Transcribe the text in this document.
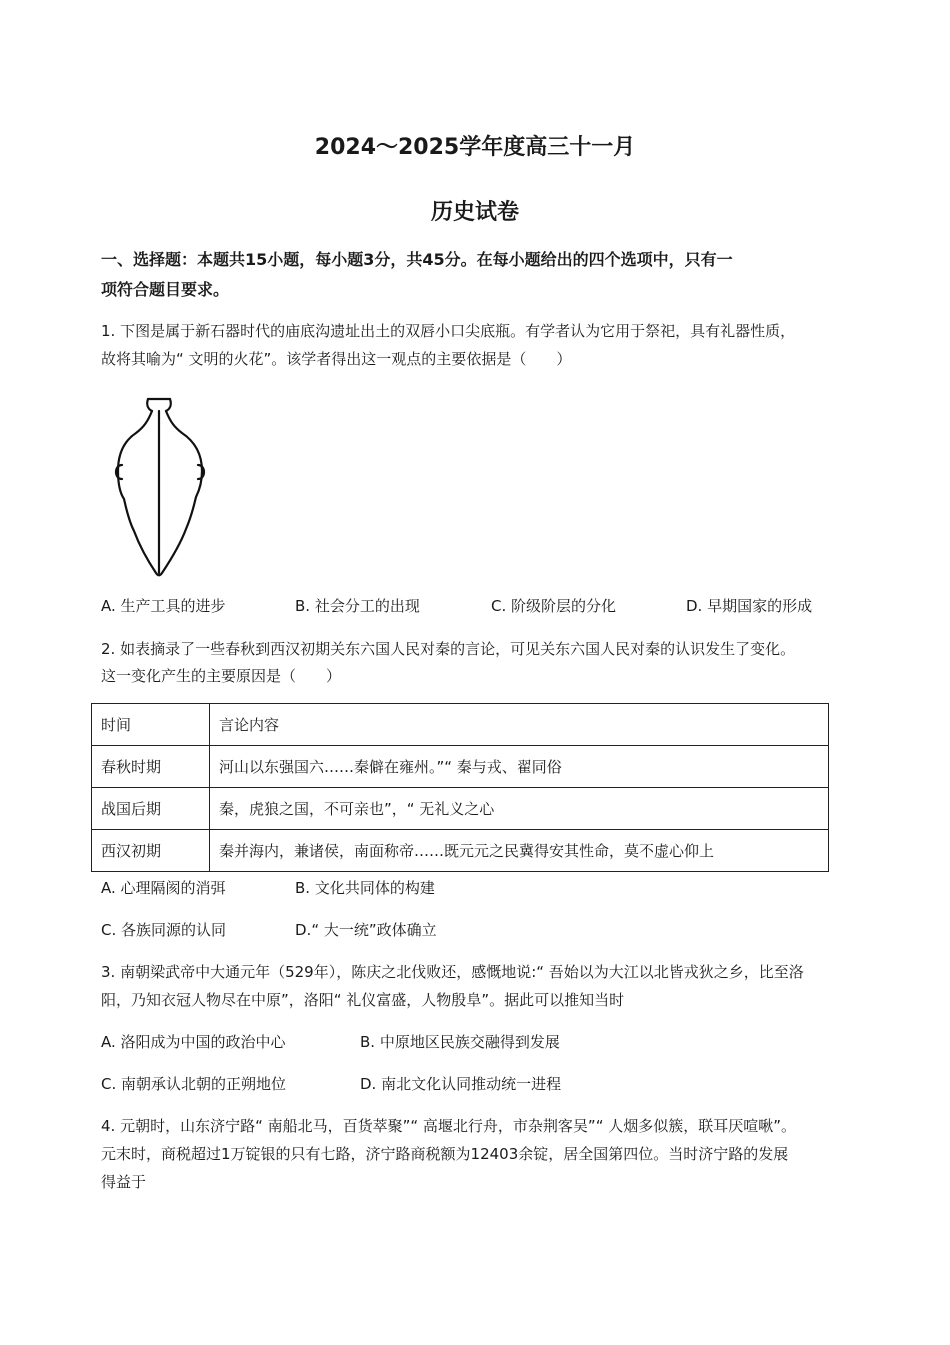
2024～2025学年度高三十一月
历史试卷
一、选择题：本题共15小题，每小题3分，共45分。在每小题给出的四个选项中，只有一
项符合题目要求。
1. 下图是属于新石器时代的庙底沟遗址出土的双唇小口尖底瓶。有学者认为它用于祭祀，具有礼器性质，
故将其喻为“ 文明的火花”。该学者得出这一观点的主要依据是（　　）
A. 生产工具的进步	B. 社会分工的出现	C. 阶级阶层的分化	D. 早期国家的形成
2. 如表摘录了一些春秋到西汉初期关东六国人民对秦的言论，可见关东六国人民对秦的认识发生了变化。
这一变化产生的主要原因是（　　）
时间	言论内容
春秋时期	河山以东强国六……秦僻在雍州。”“ 秦与戎、翟同俗
战国后期	秦，虎狼之国，不可亲也”，“ 无礼义之心
西汉初期	秦并海内，兼诸侯，南面称帝……既元元之民冀得安其性命，莫不虚心仰上
A. 心理隔阂的消弭	B. 文化共同体的构建
C. 各族同源的认同	D.“ 大一统”政体确立
3. 南朝梁武帝中大通元年（529年），陈庆之北伐败还，感慨地说:“ 吾始以为大江以北皆戎狄之乡，比至洛
阳，乃知衣冠人物尽在中原”，洛阳“ 礼仪富盛，人物殷阜”。据此可以推知当时
A. 洛阳成为中国的政治中心	B. 中原地区民族交融得到发展
C. 南朝承认北朝的正朔地位	D. 南北文化认同推动统一进程
4. 元朝时，山东济宁路“ 南船北马，百货萃聚”“ 高堰北行舟，市杂荆客吴”“ 人烟多似簇，联耳厌喧啾”。
元末时，商税超过1万锭银的只有七路，济宁路商税额为12403余锭，居全国第四位。当时济宁路的发展
得益于
